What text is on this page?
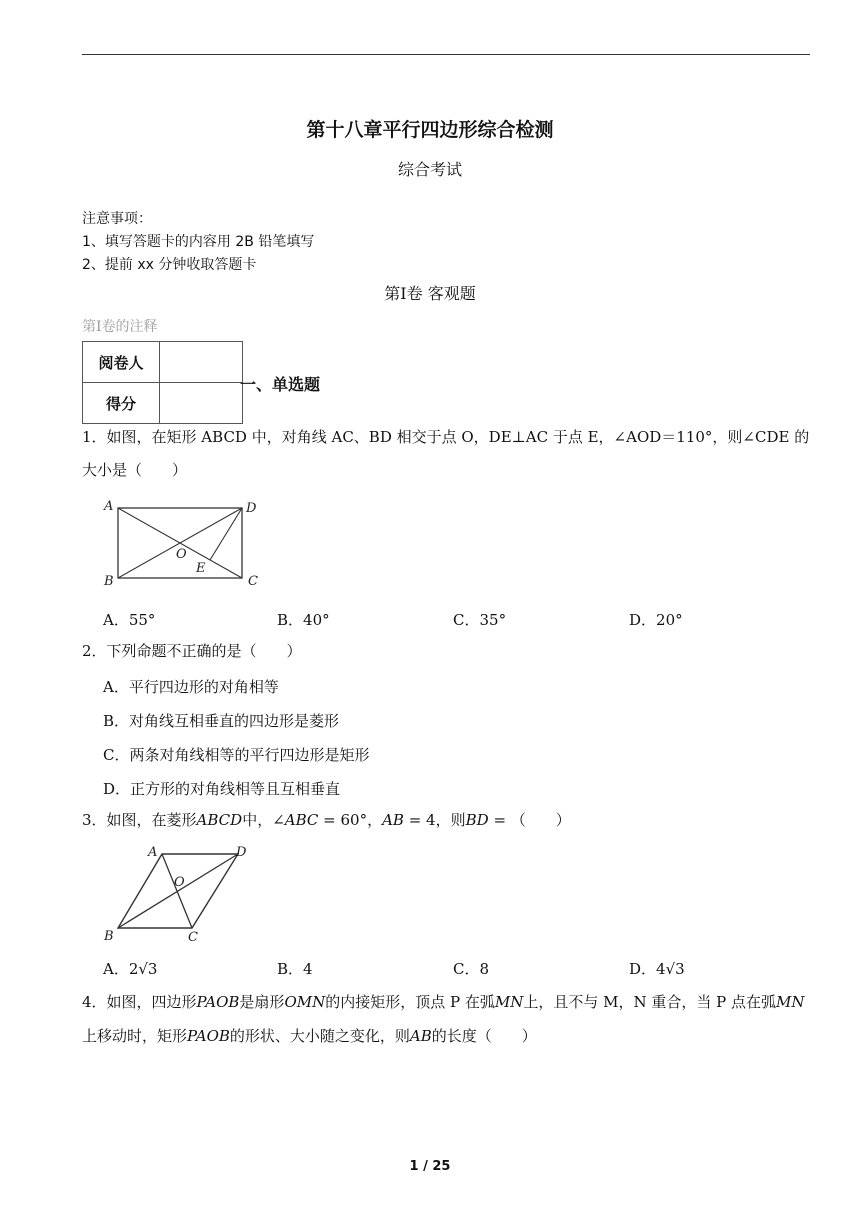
第十八章平行四边形综合检测
综合考试
注意事项：
1、填写答题卡的内容用 2B 铅笔填写
2、提前 xx 分钟收取答题卡
第Ⅰ卷 客观题
第Ⅰ卷的注释
阅卷人	
得分	
一、单选题
1．如图，在矩形 ABCD 中，对角线 AC、BD 相交于点 O，DE⊥AC 于点 E，∠AOD＝110°，则∠CDE 的
大小是（　　）
A	D
B	C
O
E
A．55°	B．40°	C．35°	D．20°
2．下列命题不正确的是（　　）
A．平行四边形的对角相等
B．对角线互相垂直的四边形是菱形
C．两条对角线相等的平行四边形是矩形
D．正方形的对角线相等且互相垂直
3．如图，在菱形ABCD中，∠ABC = 60°，AB = 4，则BD = （　　）
A	D
B	C
O
A．2√3	B．4	C．8	D．4√3
4．如图，四边形PAOB是扇形OMN的内接矩形，顶点 P 在弧MN上，且不与 M，N 重合，当 P 点在弧MN上移动时，矩形PAOB的形状、大小随之变化，则AB的长度（　　）
1 / 25
